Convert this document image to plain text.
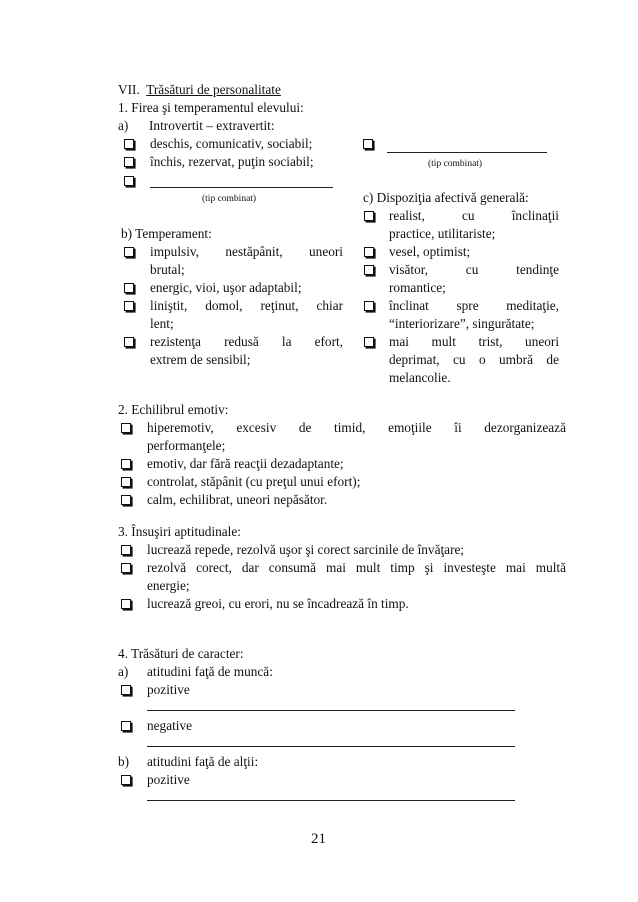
VII. Trăsături de personalitate
1. Firea şi temperamentul elevului:
a) Introvertit – extravertit:
deschis, comunicativ, sociabil;
închis, rezervat, puţin sociabil;
(tip combinat)
(tip combinat)
b) Temperament:
impulsiv, nestăpânit, uneori
brutal;
energic, vioi, uşor adaptabil;
liniştit, domol, reţinut, chiar
lent;
rezistenţa redusă la efort,
extrem de sensibil;
c) Dispoziţia afectivă generală:
realist,	cu	înclinaţii
practice, utilitariste;
vesel, optimist;
visător,	cu	tendinţe
romantice;
înclinat spre meditaţie,
“interiorizare”, singurătate;
mai mult trist, uneori
deprimat, cu o umbră de
melancolie.
2. Echilibrul emotiv:
hiperemotiv, excesiv de timid, emoţiile îi dezorganizează
performanţele;
emotiv, dar fără reacţii dezadaptante;
controlat, stăpânit (cu preţul unui efort);
calm, echilibrat, uneori nepăsător.
3. Însuşiri aptitudinale:
lucrează repede, rezolvă uşor şi corect sarcinile de învăţare;
rezolvă corect, dar consumă mai mult timp şi investeşte mai multă
energie;
lucrează greoi, cu erori, nu se încadrează în timp.
4. Trăsături de caracter:
a) atitudini faţă de muncă:
pozitive
negative
b) atitudini faţă de alţii:
pozitive
21
